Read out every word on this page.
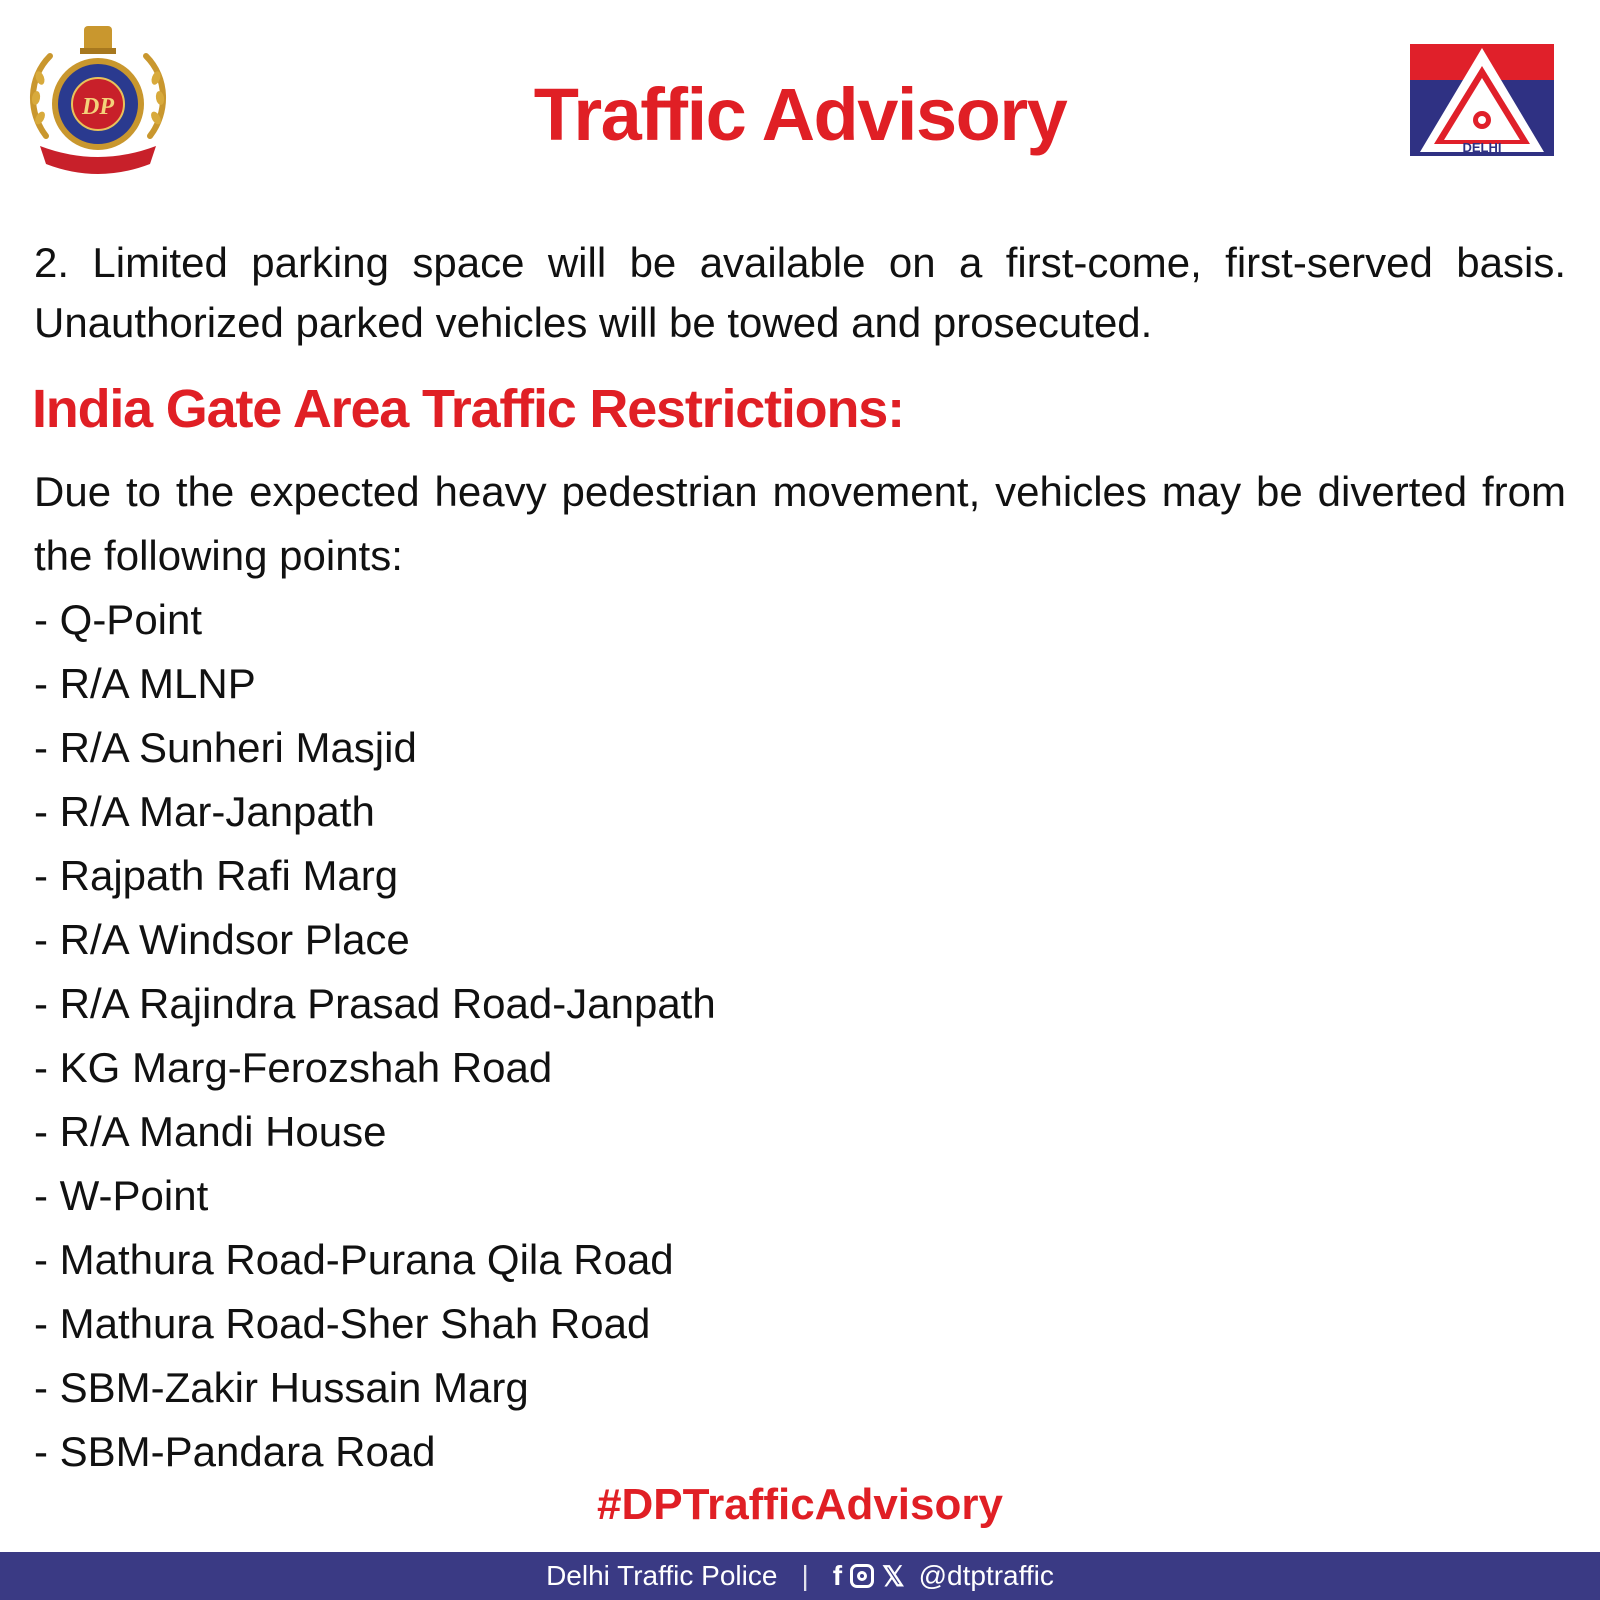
DP
DELHI
Traffic Advisory
2. Limited parking space will be available on a first-come, first-served basis. Unauthorized parked vehicles will be towed and prosecuted.
India Gate Area Traffic Restrictions:
Due to the expected heavy pedestrian movement, vehicles may be diverted from the following points:
- Q-Point
- R/A MLNP
- R/A Sunheri Masjid
- R/A Mar-Janpath
- Rajpath Rafi Marg
- R/A Windsor Place
- R/A Rajindra Prasad Road-Janpath
- KG Marg-Ferozshah Road
- R/A Mandi House
- W-Point
- Mathura Road-Purana Qila Road
- Mathura Road-Sher Shah Road
- SBM-Zakir Hussain Marg
- SBM-Pandara Road
#DPTrafficAdvisory
Delhi Traffic Police | f 𝕏 @dtptraffic
